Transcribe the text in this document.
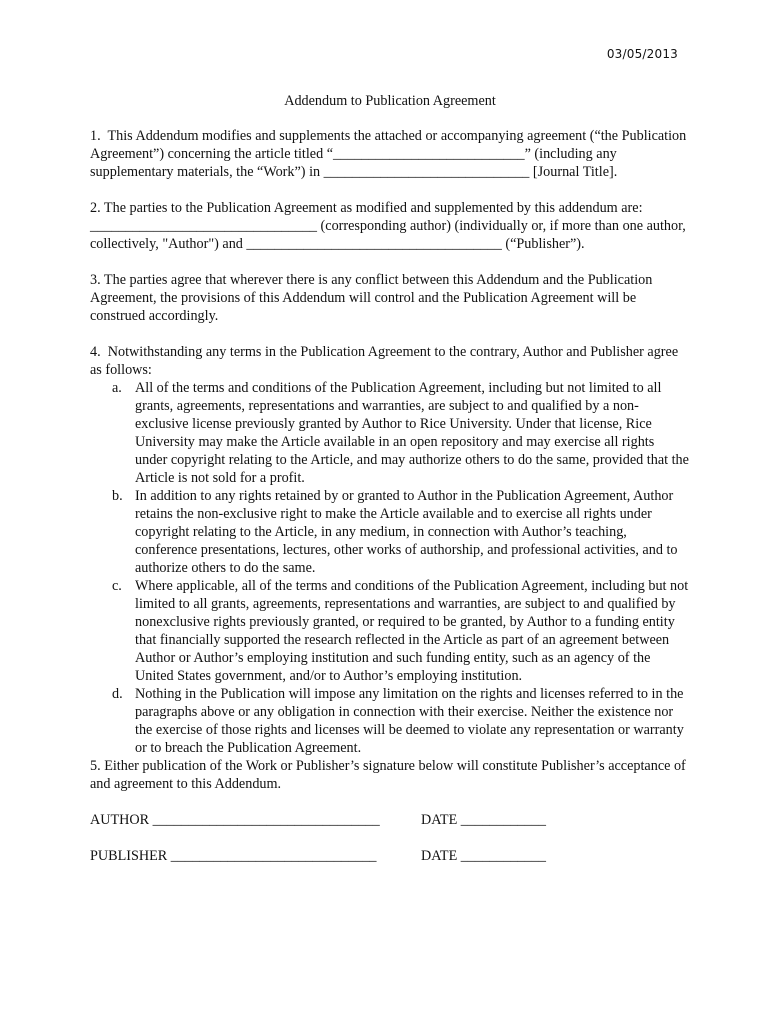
03/05/2013
Addendum to Publication Agreement
1.  This Addendum modifies and supplements the attached or accompanying agreement (“the Publication Agreement”) concerning the article titled “___________________________” (including any supplementary materials, the “Work”) in _____________________________ [Journal Title].
2. The parties to the Publication Agreement as modified and supplemented by this addendum are: ________________________________ (corresponding author) (individually or, if more than one author, collectively, "Author") and ____________________________________ (“Publisher”).
3. The parties agree that wherever there is any conflict between this Addendum and the Publication Agreement, the provisions of this Addendum will control and the Publication Agreement will be construed accordingly.
4.  Notwithstanding any terms in the Publication Agreement to the contrary, Author and Publisher agree as follows:
a. All of the terms and conditions of the Publication Agreement, including but not limited to all grants, agreements, representations and warranties, are subject to and qualified by a non-exclusive license previously granted by Author to Rice University. Under that license, Rice University may make the Article available in an open repository and may exercise all rights under copyright relating to the Article, and may authorize others to do the same, provided that the Article is not sold for a profit.
b. In addition to any rights retained by or granted to Author in the Publication Agreement, Author retains the non-exclusive right to make the Article available and to exercise all rights under copyright relating to the Article, in any medium, in connection with Author’s teaching, conference presentations, lectures, other works of authorship, and professional activities, and to authorize others to do the same.
c. Where applicable, all of the terms and conditions of the Publication Agreement, including but not limited to all grants, agreements, representations and warranties, are subject to and qualified by nonexclusive rights previously granted, or required to be granted, by Author to a funding entity that financially supported the research reflected in the Article as part of an agreement between Author or Author’s employing institution and such funding entity, such as an agency of the United States government, and/or to Author’s employing institution.
d. Nothing in the Publication will impose any limitation on the rights and licenses referred to in the paragraphs above or any obligation in connection with their exercise. Neither the existence nor the exercise of those rights and licenses will be deemed to violate any representation or warranty or to breach the Publication Agreement.
5. Either publication of the Work or Publisher’s signature below will constitute Publisher’s acceptance of and agreement to this Addendum.

AUTHOR ________________________________

	DATE ____________

PUBLISHER _____________________________

	DATE ____________
